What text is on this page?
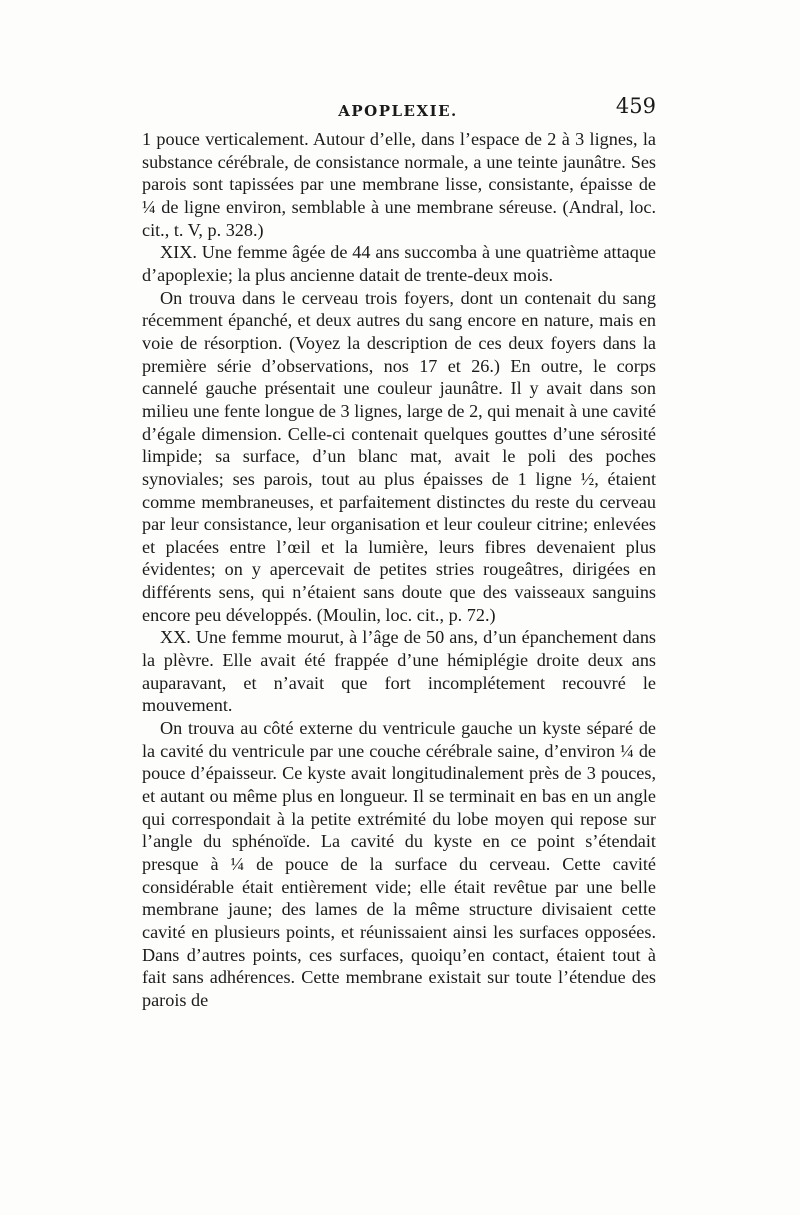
APOPLEXIE.	459

1 pouce verticalement. Autour d’elle, dans l’espace de 2 à 3 lignes, la substance cérébrale, de consistance normale, a une teinte jaunâtre. Ses parois sont tapissées par une membrane lisse, consistante, épaisse de ¼ de ligne environ, semblable à une membrane séreuse. (Andral, loc. cit., t. V, p. 328.)

XIX. Une femme âgée de 44 ans succomba à une quatrième attaque d’apoplexie; la plus ancienne datait de trente-deux mois.

On trouva dans le cerveau trois foyers, dont un contenait du sang récemment épanché, et deux autres du sang encore en nature, mais en voie de résorption. (Voyez la description de ces deux foyers dans la première série d’observations, nos 17 et 26.) En outre, le corps cannelé gauche présentait une couleur jaunâtre. Il y avait dans son milieu une fente longue de 3 lignes, large de 2, qui menait à une cavité d’égale dimension. Celle-ci contenait quelques gouttes d’une sérosité limpide; sa surface, d’un blanc mat, avait le poli des poches synoviales; ses parois, tout au plus épaisses de 1 ligne ½, étaient comme membraneuses, et parfaitement distinctes du reste du cerveau par leur consistance, leur organisation et leur couleur citrine; enlevées et placées entre l’œil et la lumière, leurs fibres devenaient plus évidentes; on y apercevait de petites stries rougeâtres, dirigées en différents sens, qui n’étaient sans doute que des vaisseaux sanguins encore peu développés. (Moulin, loc. cit., p. 72.)

XX. Une femme mourut, à l’âge de 50 ans, d’un épanchement dans la plèvre. Elle avait été frappée d’une hémiplégie droite deux ans auparavant, et n’avait que fort incomplétement recouvré le mouvement.

On trouva au côté externe du ventricule gauche un kyste séparé de la cavité du ventricule par une couche cérébrale saine, d’environ ¼ de pouce d’épaisseur. Ce kyste avait longitudinalement près de 3 pouces, et autant ou même plus en longueur. Il se terminait en bas en un angle qui correspondait à la petite extrémité du lobe moyen qui repose sur l’angle du sphénoïde. La cavité du kyste en ce point s’étendait presque à ¼ de pouce de la surface du cerveau. Cette cavité considérable était entièrement vide; elle était revêtue par une belle membrane jaune; des lames de la même structure divisaient cette cavité en plusieurs points, et réunissaient ainsi les surfaces opposées. Dans d’autres points, ces surfaces, quoiqu’en contact, étaient tout à fait sans adhérences. Cette membrane existait sur toute l’étendue des parois de
